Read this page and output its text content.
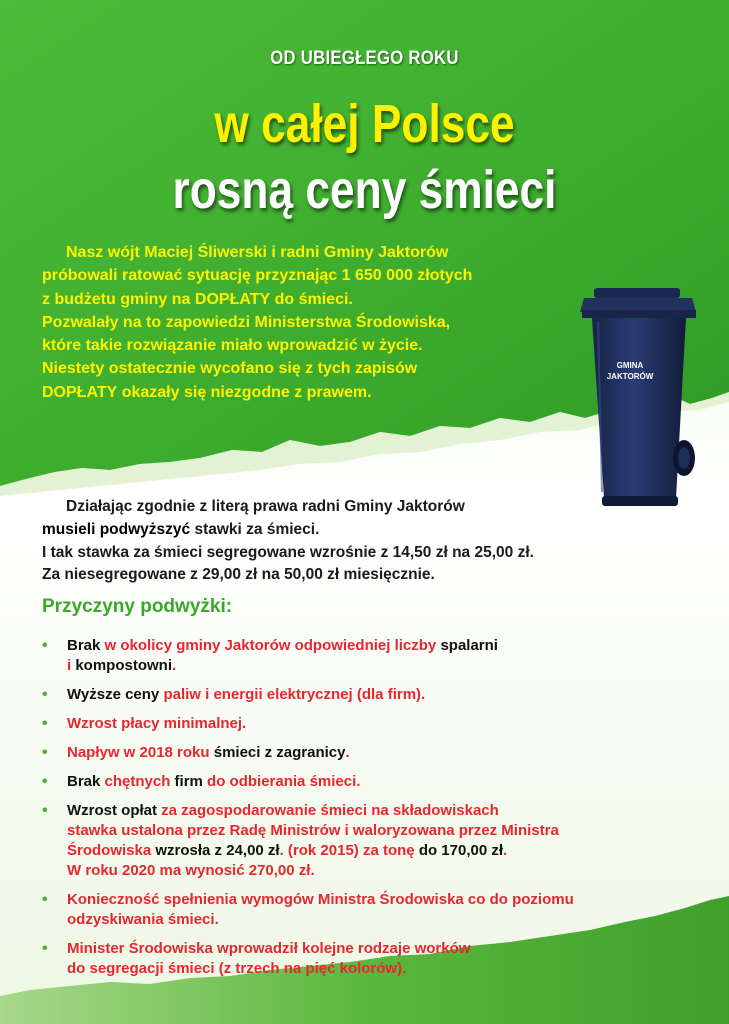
OD UBIEGŁEGO ROKU
w całej Polsce
rosną ceny śmieci
Nasz wójt Maciej Śliwerski i radni Gminy Jaktorów
próbowali ratować sytuację przyznając 1 650 000 złotych
z budżetu gminy na DOPŁATY do śmieci.
Pozwalały na to zapowiedzi Ministerstwa Środowiska,
które takie rozwiązanie miało wprowadzić w życie.
Niestety ostatecznie wycofano się z tych zapisów
DOPŁATY okazały się niezgodne z prawem.
GMINA
JAKTORÓW
Działając zgodnie z literą prawa radni Gminy Jaktorów
musieli podwyższyć stawki za śmieci.
I tak stawka za śmieci segregowane wzrośnie z 14,50 zł na 25,00 zł.
Za niesegregowane z 29,00 zł na 50,00 zł miesięcznie.
Przyczyny podwyżki:
• Brak w okolicy gminy Jaktorów odpowiedniej liczby spalarni
i kompostowni.
• Wyższe ceny paliw i energii elektrycznej (dla firm).
• Wzrost płacy minimalnej.
• Napływ w 2018 roku śmieci z zagranicy.
• Brak chętnych firm do odbierania śmieci.
• Wzrost opłat za zagospodarowanie śmieci na składowiskach
stawka ustalona przez Radę Ministrów i waloryzowana przez Ministra
Środowiska wzrosła z 24,00 zł. (rok 2015) za tonę do 170,00 zł.
W roku 2020 ma wynosić 270,00 zł.
• Konieczność spełnienia wymogów Ministra Środowiska co do poziomu
odzyskiwania śmieci.
• Minister Środowiska wprowadził kolejne rodzaje worków
do segregacji śmieci (z trzech na pięć kolorów).
